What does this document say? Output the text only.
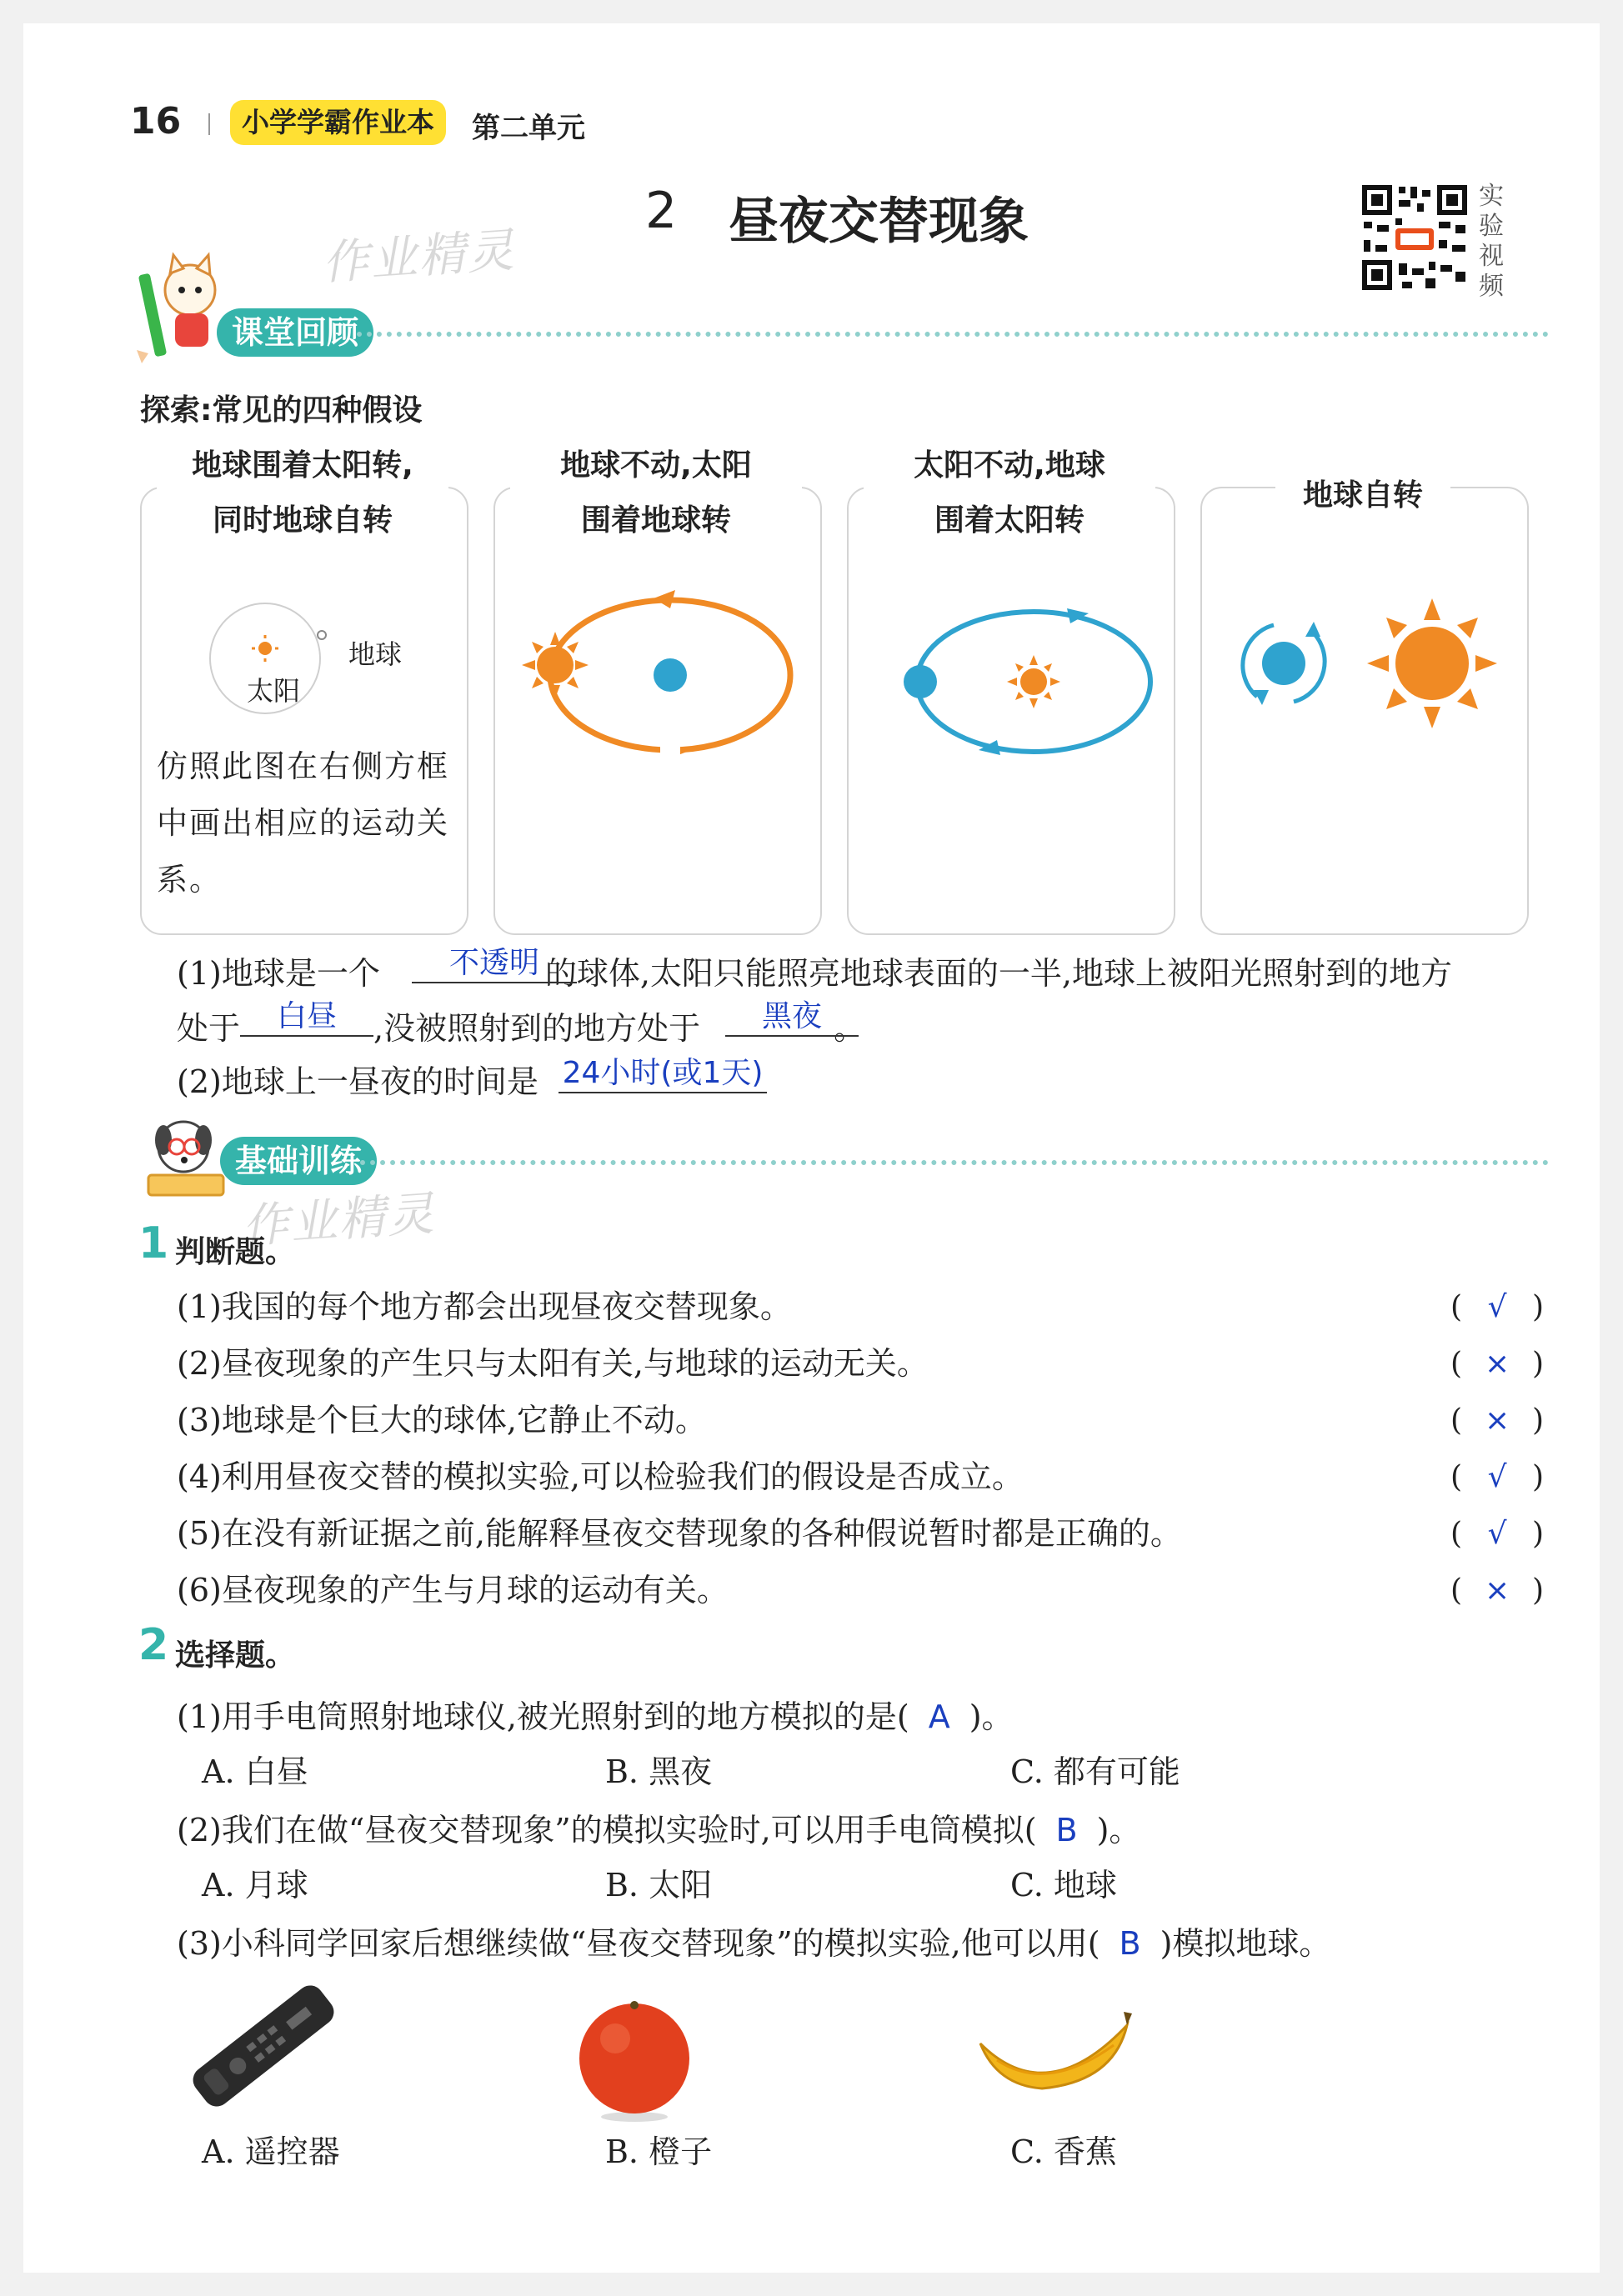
16	小学学霸作业本	第二单元
2 昼夜交替现象	实验视频
作业精灵
作业精灵
课堂回顾
探索:常见的四种假设
地球围着太阳转,
同时地球自转
太阳
地球
仿照此图在右侧方框中画出相应的运动关系。
地球不动,太阳
围着地球转
太阳不动,地球
围着太阳转
地球自转
(1)地球是一个	的球体,太阳只能照亮地球表面的一半,地球上被阳光照射到的地方
不透明
处于	,没被照射到的地方处于	。
白昼	黑夜
(2)地球上一昼夜的时间是 24小时(或1天)
基础训练
1 判断题。
(1)我国的每个地方都会出现昼夜交替现象。	( √ )
(2)昼夜现象的产生只与太阳有关,与地球的运动无关。	( × )
(3)地球是个巨大的球体,它静止不动。	( × )
(4)利用昼夜交替的模拟实验,可以检验我们的假设是否成立。	( √ )
(5)在没有新证据之前,能解释昼夜交替现象的各种假说暂时都是正确的。	( √ )
(6)昼夜现象的产生与月球的运动有关。	( × )
2 选择题。
(1)用手电筒照射地球仪,被光照射到的地方模拟的是( A )。
A. 白昼	B. 黑夜	C. 都有可能
(2)我们在做“昼夜交替现象”的模拟实验时,可以用手电筒模拟( B )。
A. 月球	B. 太阳	C. 地球
(3)小科同学回家后想继续做“昼夜交替现象”的模拟实验,他可以用( B )模拟地球。
A. 遥控器	B. 橙子	C. 香蕉
